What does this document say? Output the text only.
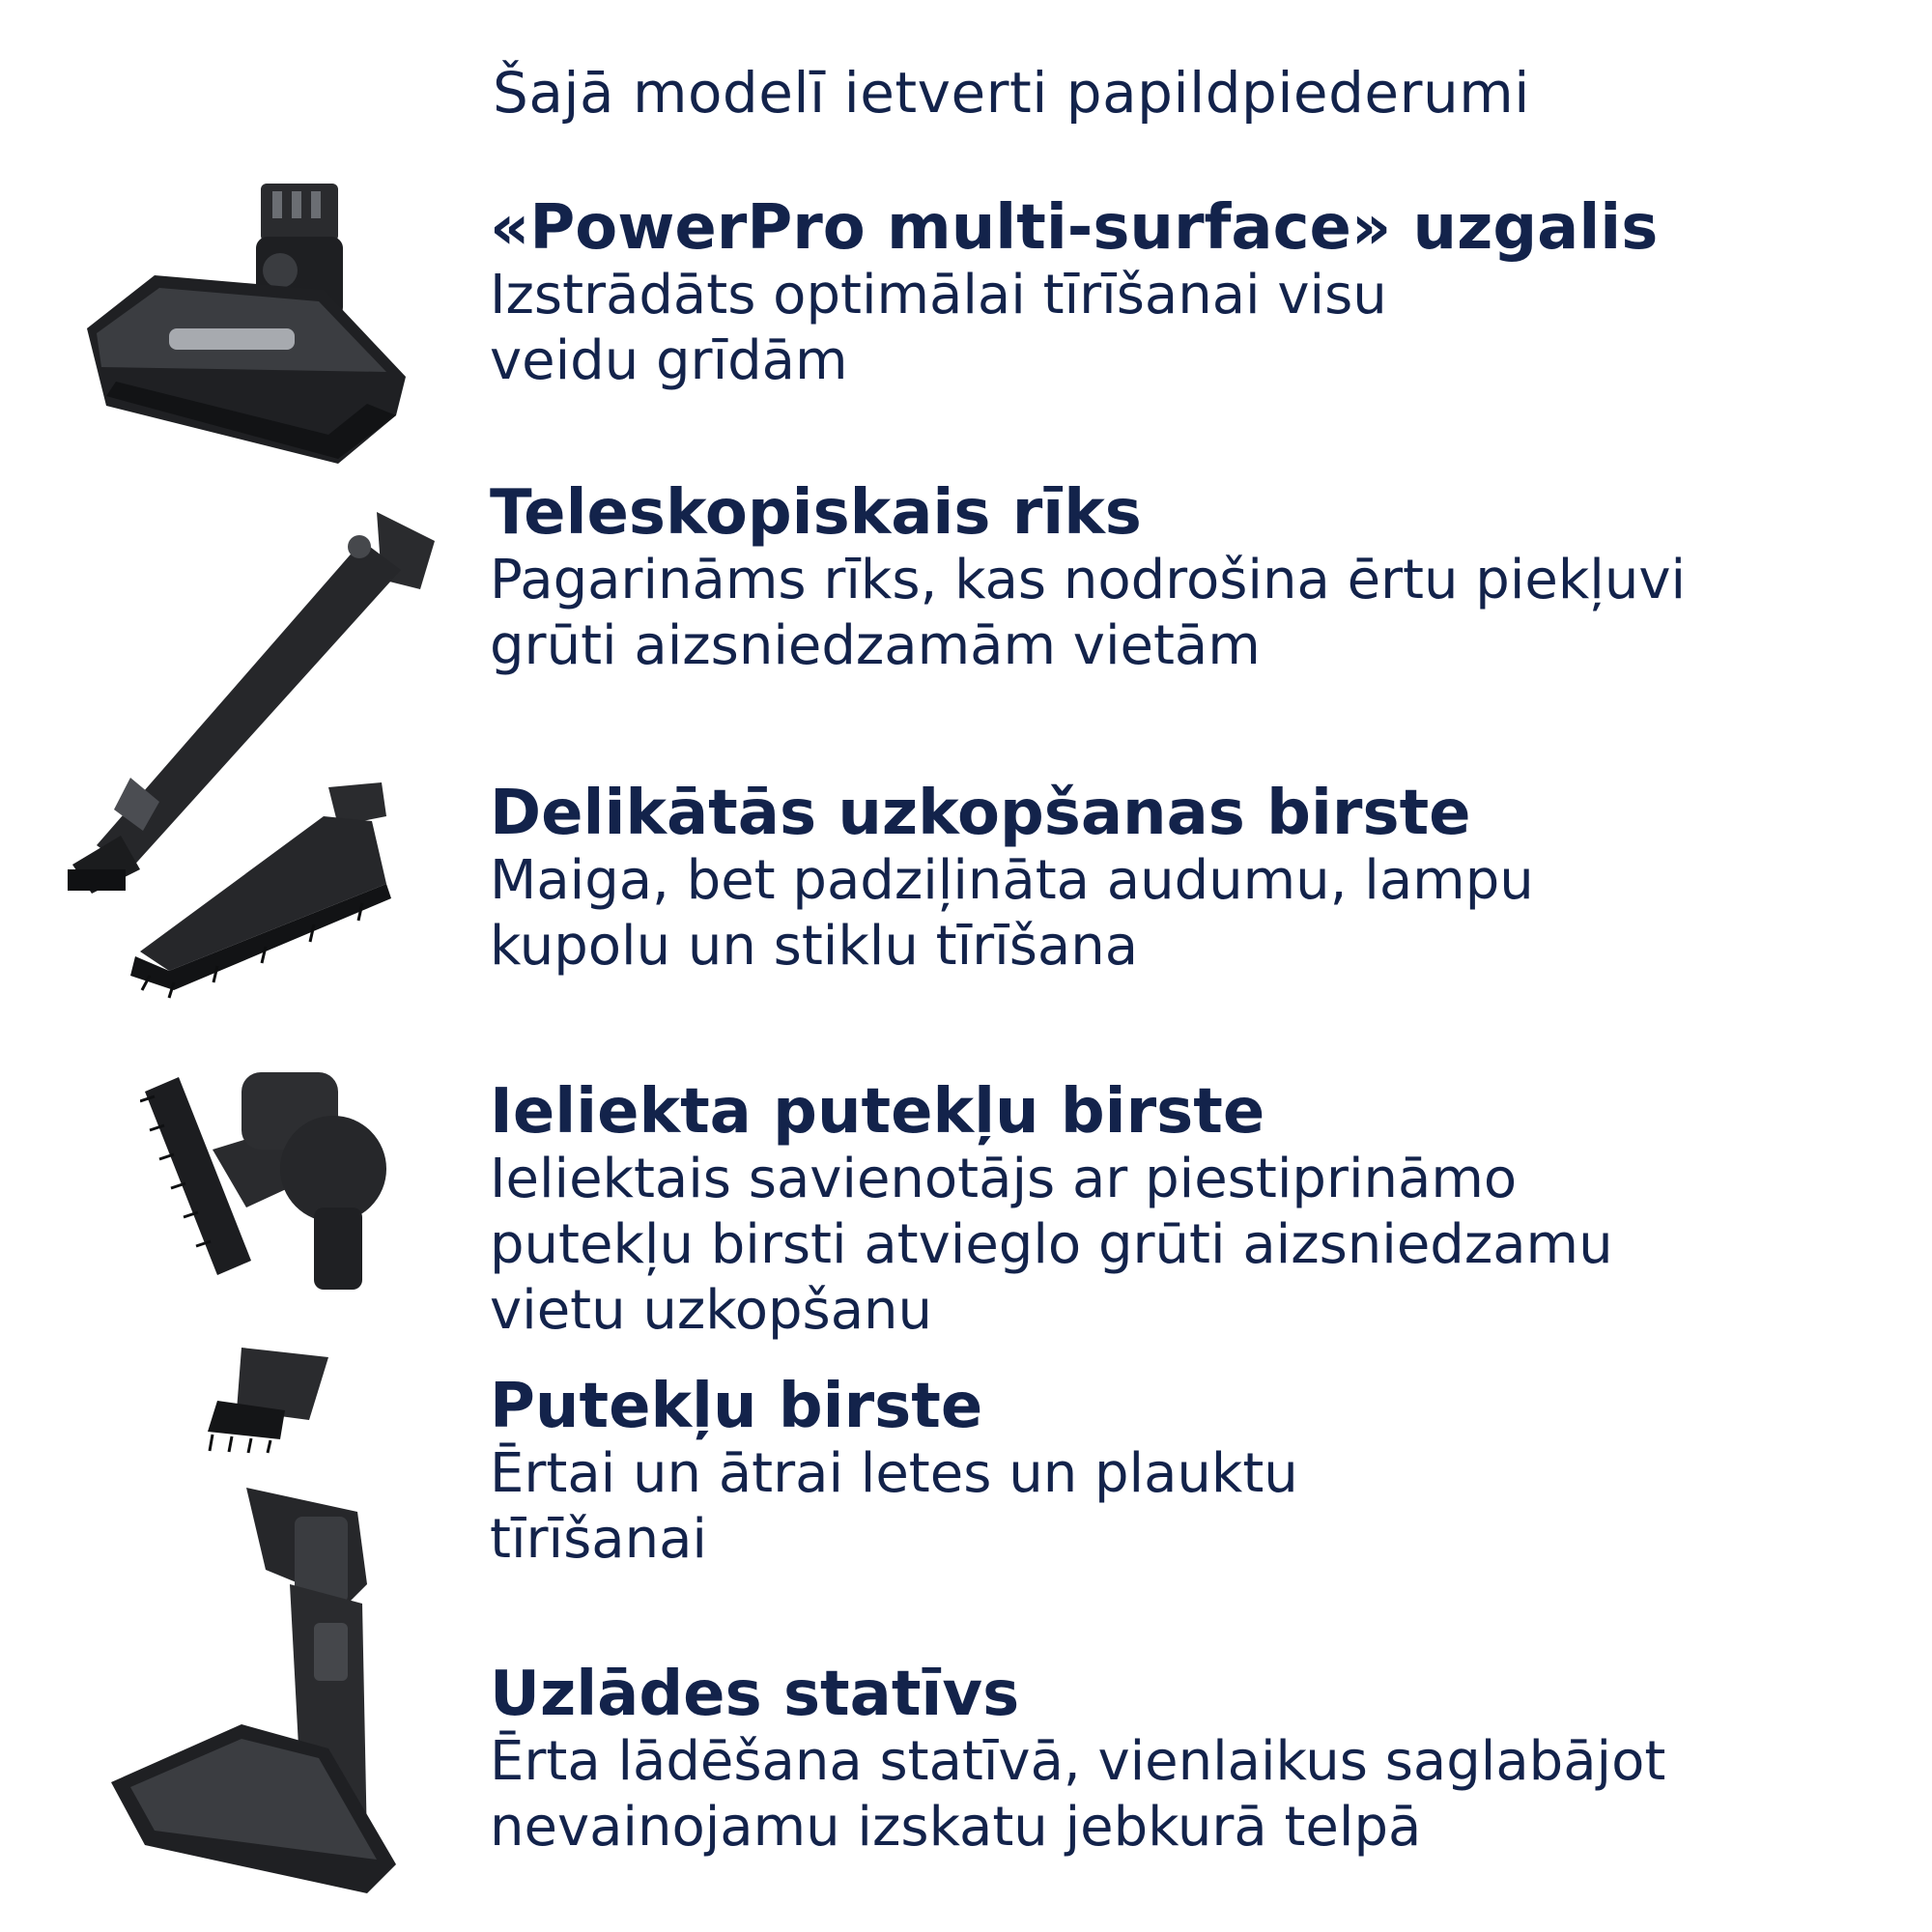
Šajā modelī ietverti papildpiederumi
«PowerPro multi-surface» uzgalis
Izstrādāts optimālai tīrīšanai visu
veidu grīdām
Teleskopiskais rīks
Pagarināms rīks, kas nodrošina ērtu piekļuvi
grūti aizsniedzamām vietām
Delikātās uzkopšanas birste
Maiga, bet padziļināta audumu, lampu
kupolu un stiklu tīrīšana
Ieliekta putekļu birste
Ieliektais savienotājs ar piestiprināmo
putekļu birsti atvieglo grūti aizsniedzamu
vietu uzkopšanu
Putekļu birste
Ērtai un ātrai letes un plauktu
tīrīšanai
Uzlādes statīvs
Ērta lādēšana statīvā, vienlaikus saglabājot
nevainojamu izskatu jebkurā telpā
